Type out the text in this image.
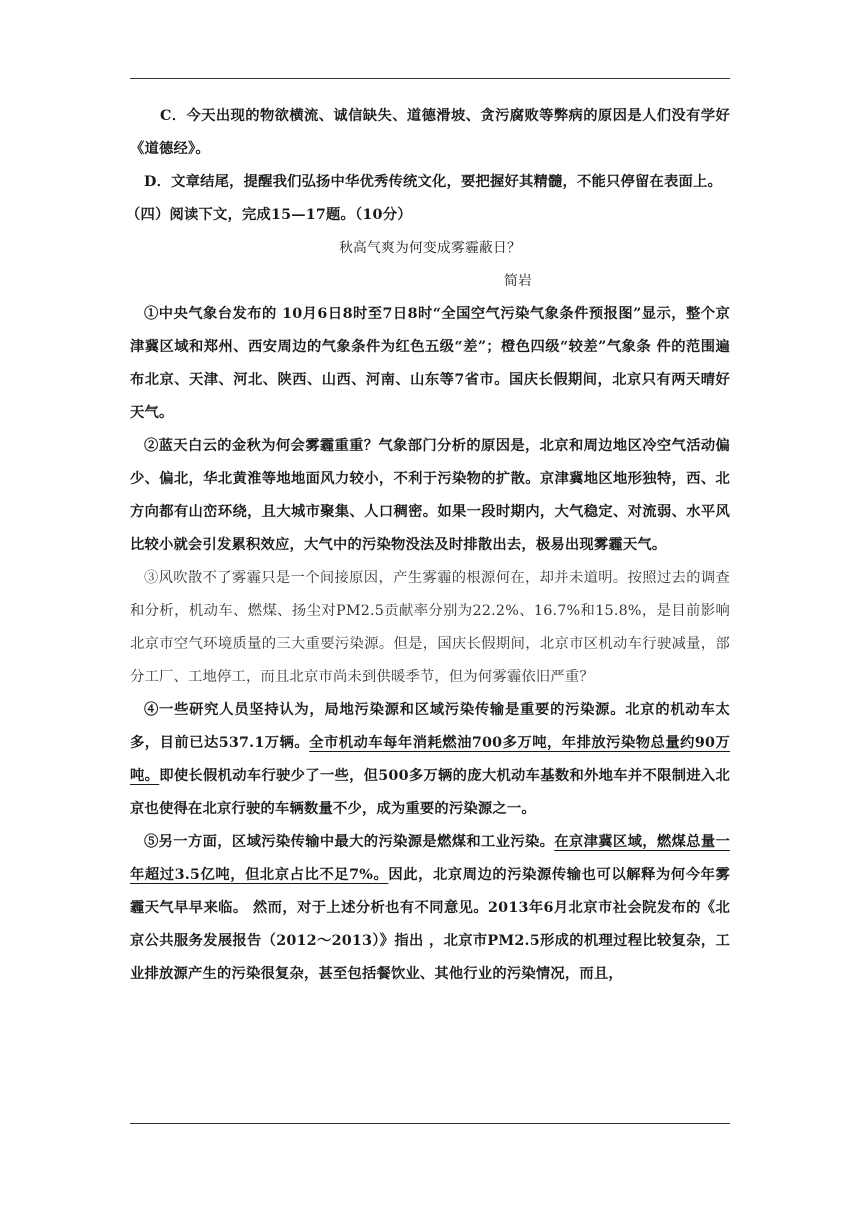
C．今天出现的物欲横流、诚信缺失、道德滑坡、贪污腐败等弊病的原因是人们没有学好《道德经》。

D．文章结尾，提醒我们弘扬中华优秀传统文化，要把握好其精髓，不能只停留在表面上。

（四）阅读下文，完成15—17题。（10分）

秋高气爽为何变成雾霾蔽日？

简岩

①中央气象台发布的 10月6日8时至7日8时“全国空气污染气象条件预报图”显示，整个京津冀区域和郑州、西安周边的气象条件为红色五级“差”；橙色四级“较差”气象条 件的范围遍布北京、天津、河北、陕西、山西、河南、山东等7省市。国庆长假期间，北京只有两天晴好天气。

②蓝天白云的金秋为何会雾霾重重？气象部门分析的原因是，北京和周边地区冷空气活动偏少、偏北，华北黄淮等地地面风力较小，不利于污染物的扩散。京津冀地区地形独特，西、北方向都有山峦环绕，且大城市聚集、人口稠密。如果一段时期内，大气稳定、对流弱、水平风比较小就会引发累积效应，大气中的污染物没法及时排散出去，极易出现雾霾天气。

③风吹散不了雾霾只是一个间接原因，产生雾霾的根源何在，却并未道明。按照过去的调查和分析，机动车、燃煤、扬尘对PM2.5贡献率分别为22.2%、16.7%和15.8%，是目前影响北京市空气环境质量的三大重要污染源。但是，国庆长假期间，北京市区机动车行驶减量，部分工厂、工地停工，而且北京市尚未到供暖季节，但为何雾霾依旧严重？

④一些研究人员坚持认为，局地污染源和区域污染传输是重要的污染源。北京的机动车太多，目前已达537.1万辆。全市机动车每年消耗燃油700多万吨，年排放污染物总量约90万吨。即使长假机动车行驶少了一些，但500多万辆的庞大机动车基数和外地车并不限制进入北京也使得在北京行驶的车辆数量不少，成为重要的污染源之一。

⑤另一方面，区域污染传输中最大的污染源是燃煤和工业污染。在京津冀区域，燃煤总量一年超过3.5亿吨，但北京占比不足7%。因此，北京周边的污染源传输也可以解释为何今年雾霾天气早早来临。 然而，对于上述分析也有不同意见。2013年6月北京市社会院发布的《北京公共服务发展报告（2012～2013）》指出 ，北京市PM2.5形成的机理过程比较复杂，工业排放源产生的污染很复杂，甚至包括餐饮业、其他行业的污染情况，而且，
